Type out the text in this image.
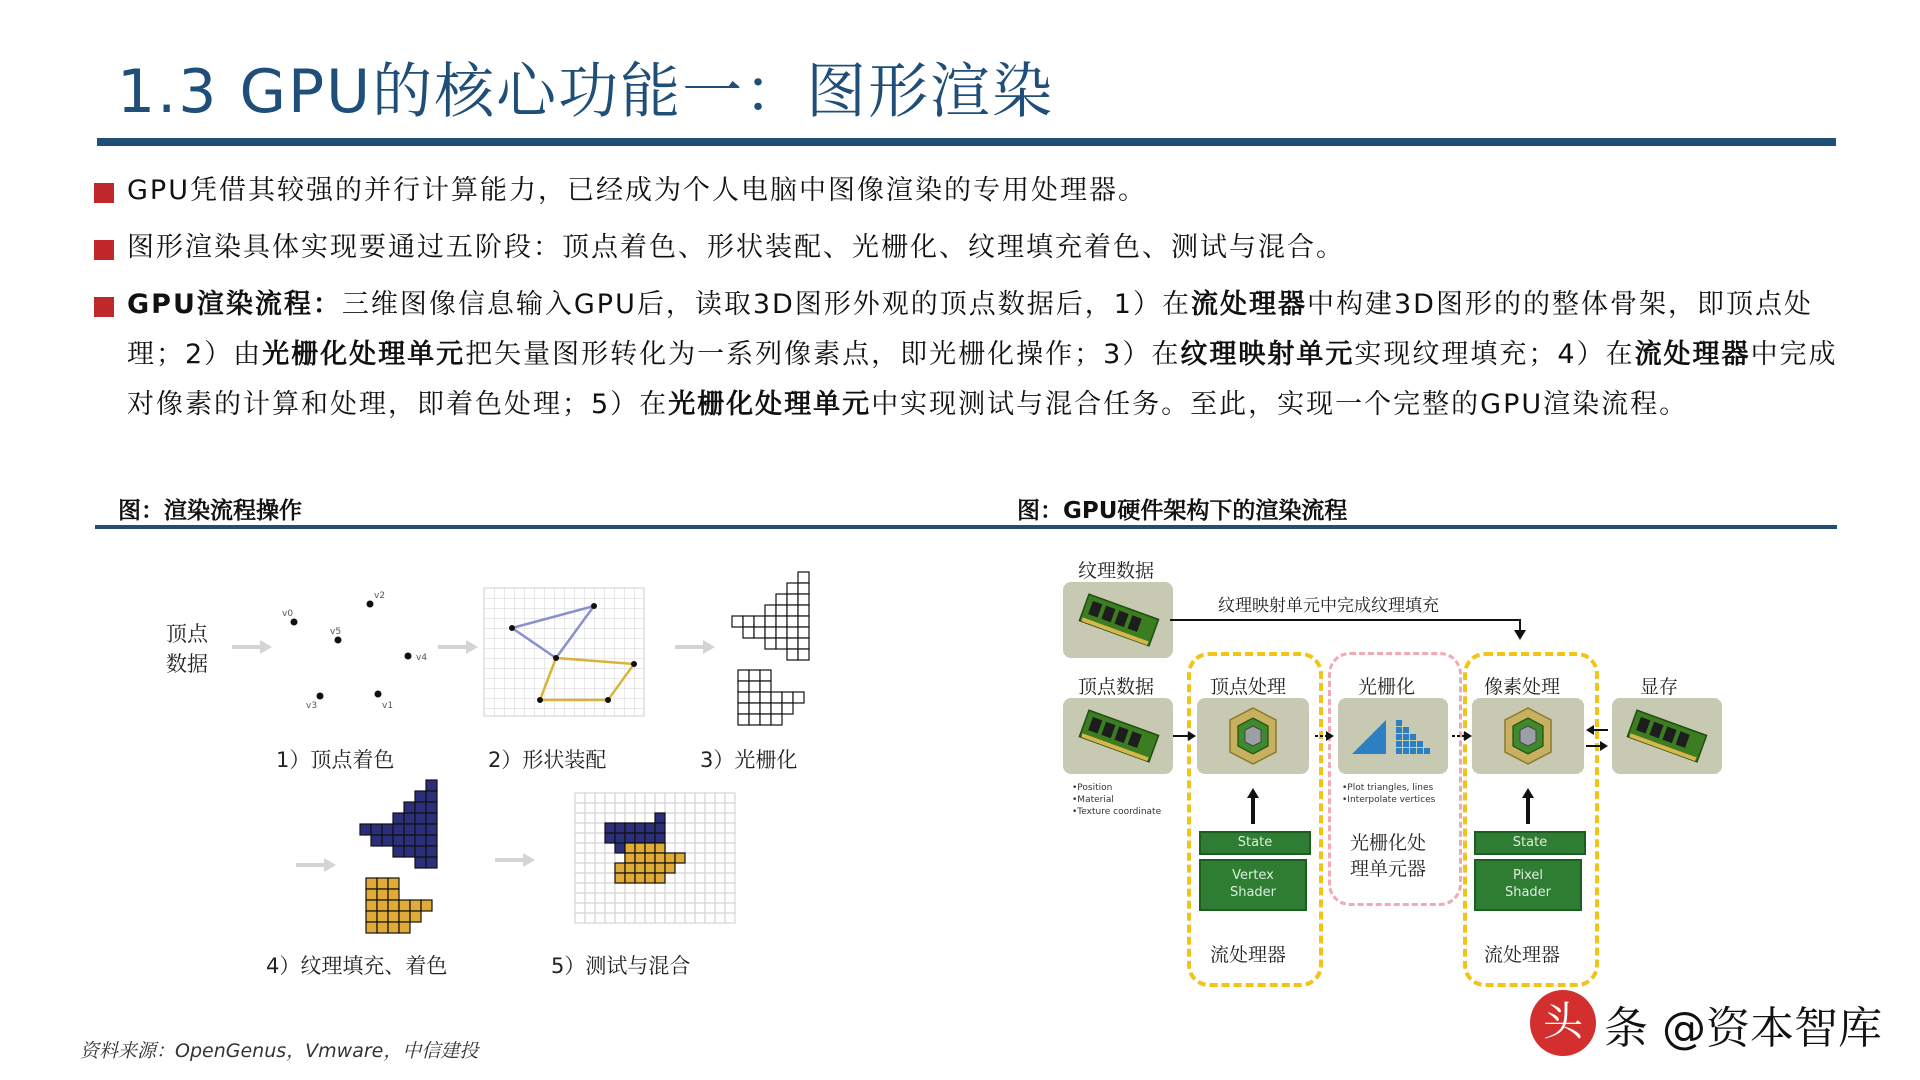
1.3 GPU的核心功能一：图形渲染
GPU凭借其较强的并行计算能力，已经成为个人电脑中图像渲染的专用处理器。
图形渲染具体实现要通过五阶段：顶点着色、形状装配、光栅化、纹理填充着色、测试与混合。
GPU渲染流程：三维图像信息输入GPU后，读取3D图形外观的顶点数据后，1）在流处理器中构建3D图形的的整体骨架，即顶点处理；2）由光栅化处理单元把矢量图形转化为一系列像素点，即光栅化操作；3）在纹理映射单元实现纹理填充；4）在流处理器中完成对像素的计算和处理，即着色处理；5）在光栅化处理单元中实现测试与混合任务。至此，实现一个完整的GPU渲染流程。
图：渲染流程操作	图：GPU硬件架构下的渲染流程
顶点
数据
v0
v2
v5
v4
v3	v1
1）顶点着色	2）形状装配	3）光栅化
4）纹理填充、着色	5）测试与混合
纹理数据
纹理映射单元中完成纹理填充
顶点数据
•Position
•Material
•Texture coordinate
顶点处理
State
Vertex
Shader
流处理器
光栅化
•Plot triangles, lines
•Interpolate vertices
光栅化处
理单元器
像素处理
State
Pixel
Shader
流处理器
显存
资料来源：OpenGenus，Vmware，中信建投
头 条 @资本智库
